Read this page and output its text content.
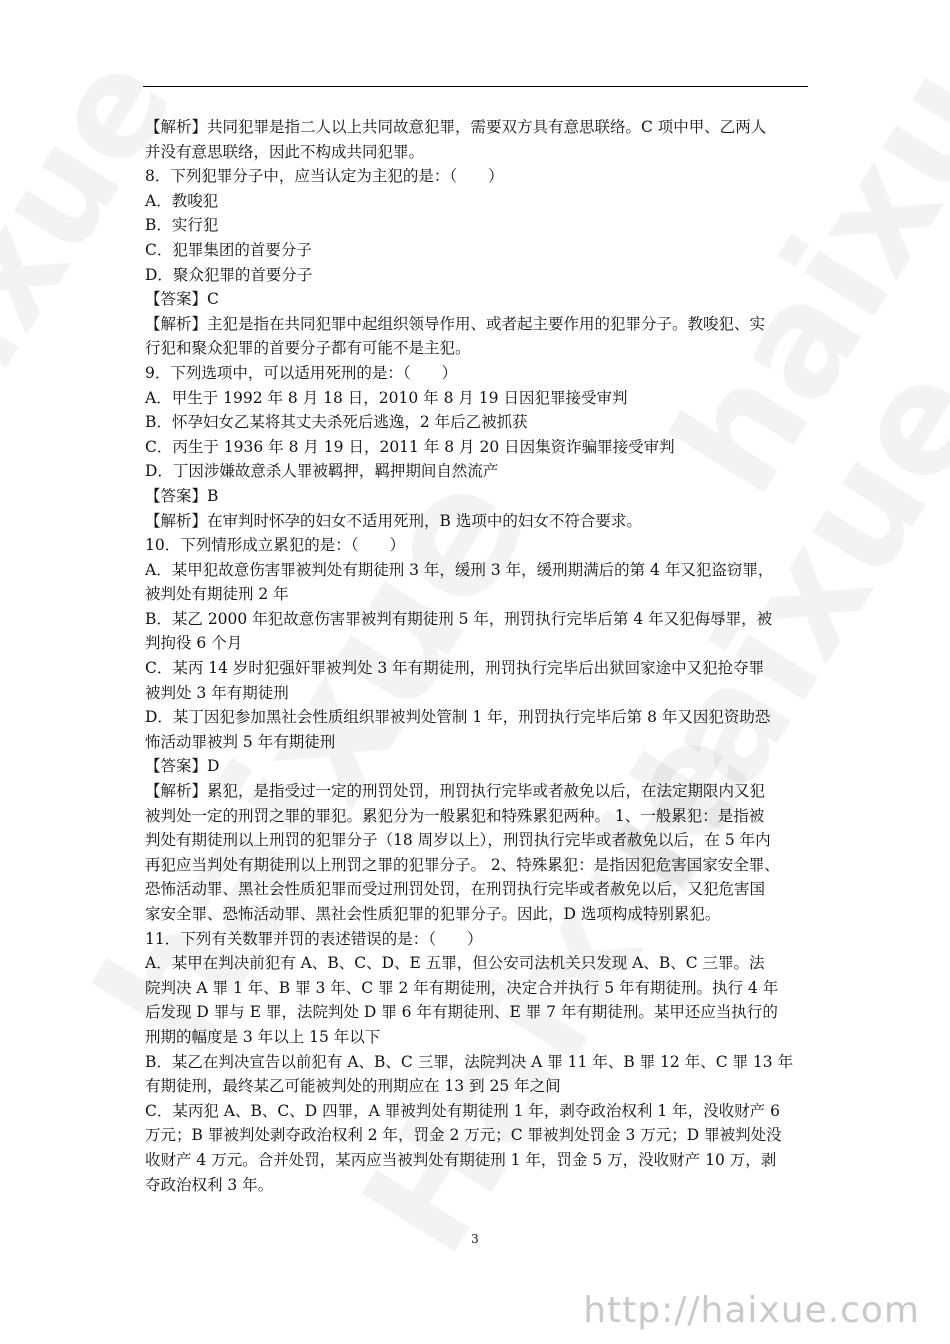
【解析】共同犯罪是指二人以上共同故意犯罪，需要双方具有意思联络。C 项中甲、乙两人
并没有意思联络，因此不构成共同犯罪。
8．下列犯罪分子中，应当认定为主犯的是：（　　）
A．教唆犯
B．实行犯
C．犯罪集团的首要分子
D．聚众犯罪的首要分子
【答案】C
【解析】主犯是指在共同犯罪中起组织领导作用、或者起主要作用的犯罪分子。教唆犯、实
行犯和聚众犯罪的首要分子都有可能不是主犯。
9．下列选项中，可以适用死刑的是：（　　）
A．甲生于 1992 年 8 月 18 日，2010 年 8 月 19 日因犯罪接受审判
B．怀孕妇女乙某将其丈夫杀死后逃逸，2 年后乙被抓获
C．丙生于 1936 年 8 月 19 日，2011 年 8 月 20 日因集资诈骗罪接受审判
D．丁因涉嫌故意杀人罪被羁押，羁押期间自然流产
【答案】B
【解析】在审判时怀孕的妇女不适用死刑，B 选项中的妇女不符合要求。
10．下列情形成立累犯的是：（　　）
A．某甲犯故意伤害罪被判处有期徒刑 3 年，缓刑 3 年，缓刑期满后的第 4 年又犯盗窃罪，
被判处有期徒刑 2 年
B．某乙 2000 年犯故意伤害罪被判有期徒刑 5 年，刑罚执行完毕后第 4 年又犯侮辱罪，被
判拘役 6 个月
C．某丙 14 岁时犯强奸罪被判处 3 年有期徒刑，刑罚执行完毕后出狱回家途中又犯抢夺罪
被判处 3 年有期徒刑
D．某丁因犯参加黑社会性质组织罪被判处管制 1 年，刑罚执行完毕后第 8 年又因犯资助恐
怖活动罪被判 5 年有期徒刑
【答案】D
【解析】累犯，是指受过一定的刑罚处罚，刑罚执行完毕或者赦免以后，在法定期限内又犯
被判处一定的刑罚之罪的罪犯。累犯分为一般累犯和特殊累犯两种。 1、一般累犯：是指被
判处有期徒刑以上刑罚的犯罪分子（18 周岁以上），刑罚执行完毕或者赦免以后，在 5 年内
再犯应当判处有期徒刑以上刑罚之罪的犯罪分子。 2、特殊累犯：是指因犯危害国家安全罪、
恐怖活动罪、黑社会性质犯罪而受过刑罚处罚，在刑罚执行完毕或者赦免以后，又犯危害国
家安全罪、恐怖活动罪、黑社会性质犯罪的犯罪分子。因此，D 选项构成特别累犯。
11．下列有关数罪并罚的表述错误的是：（　　）
A．某甲在判决前犯有 A、B、C、D、E 五罪，但公安司法机关只发现 A、B、C 三罪。法
院判决 A 罪 1 年、B 罪 3 年、C 罪 2 年有期徒刑，决定合并执行 5 年有期徒刑。执行 4 年
后发现 D 罪与 E 罪，法院判处 D 罪 6 年有期徒刑、E 罪 7 年有期徒刑。某甲还应当执行的
刑期的幅度是 3 年以上 15 年以下
B．某乙在判决宣告以前犯有 A、B、C 三罪，法院判决 A 罪 11 年、B 罪 12 年、C 罪 13 年
有期徒刑，最终某乙可能被判处的刑期应在 13 到 25 年之间
C．某丙犯 A、B、C、D 四罪，A 罪被判处有期徒刑 1 年，剥夺政治权利 1 年，没收财产 6
万元；B 罪被判处剥夺政治权利 2 年，罚金 2 万元；C 罪被判处罚金 3 万元；D 罪被判处没
收财产 4 万元。合并处罚，某丙应当被判处有期徒刑 1 年，罚金 5 万，没收财产 10 万，剥
夺政治权利 3 年。
3
http://haixue.com
